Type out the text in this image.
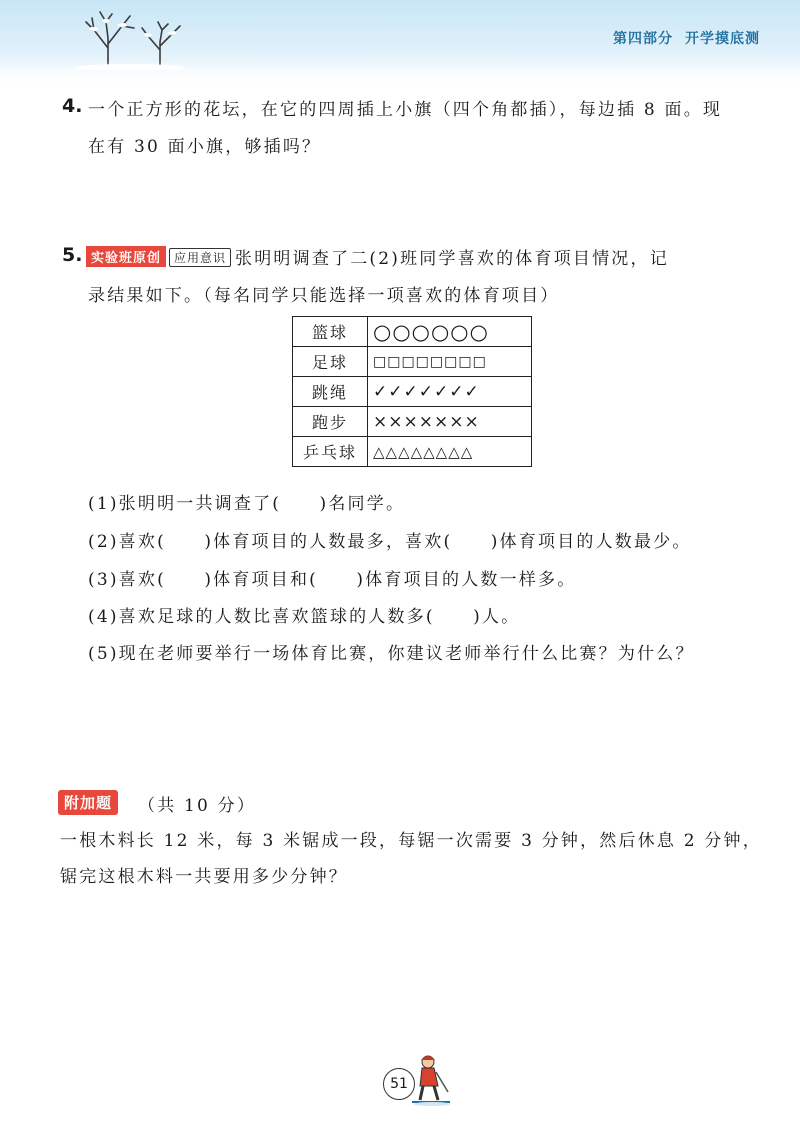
第四部分 开学摸底测
4. 一个正方形的花坛，在它的四周插上小旗（四个角都插），每边插 8 面。现
在有 30 面小旗，够插吗？
5. 实验班原创 应用意识 张明明调查了二(2)班同学喜欢的体育项目情况，记
录结果如下。（每名同学只能选择一项喜欢的体育项目）
篮球	○○○○○○
足球	□□□□□□□□
跳绳	✓✓✓✓✓✓✓
跑步	×××××××
乒乓球	△△△△△△△△
(1)张明明一共调查了(　　)名同学。
(2)喜欢(　　)体育项目的人数最多，喜欢(　　)体育项目的人数最少。
(3)喜欢(　　)体育项目和(　　)体育项目的人数一样多。
(4)喜欢足球的人数比喜欢篮球的人数多(　　)人。
(5)现在老师要举行一场体育比赛，你建议老师举行什么比赛？为什么？
附加题	（共 10 分）
一根木料长 12 米，每 3 米锯成一段，每锯一次需要 3 分钟，然后休息 2 分钟，
锯完这根木料一共要用多少分钟？
51
